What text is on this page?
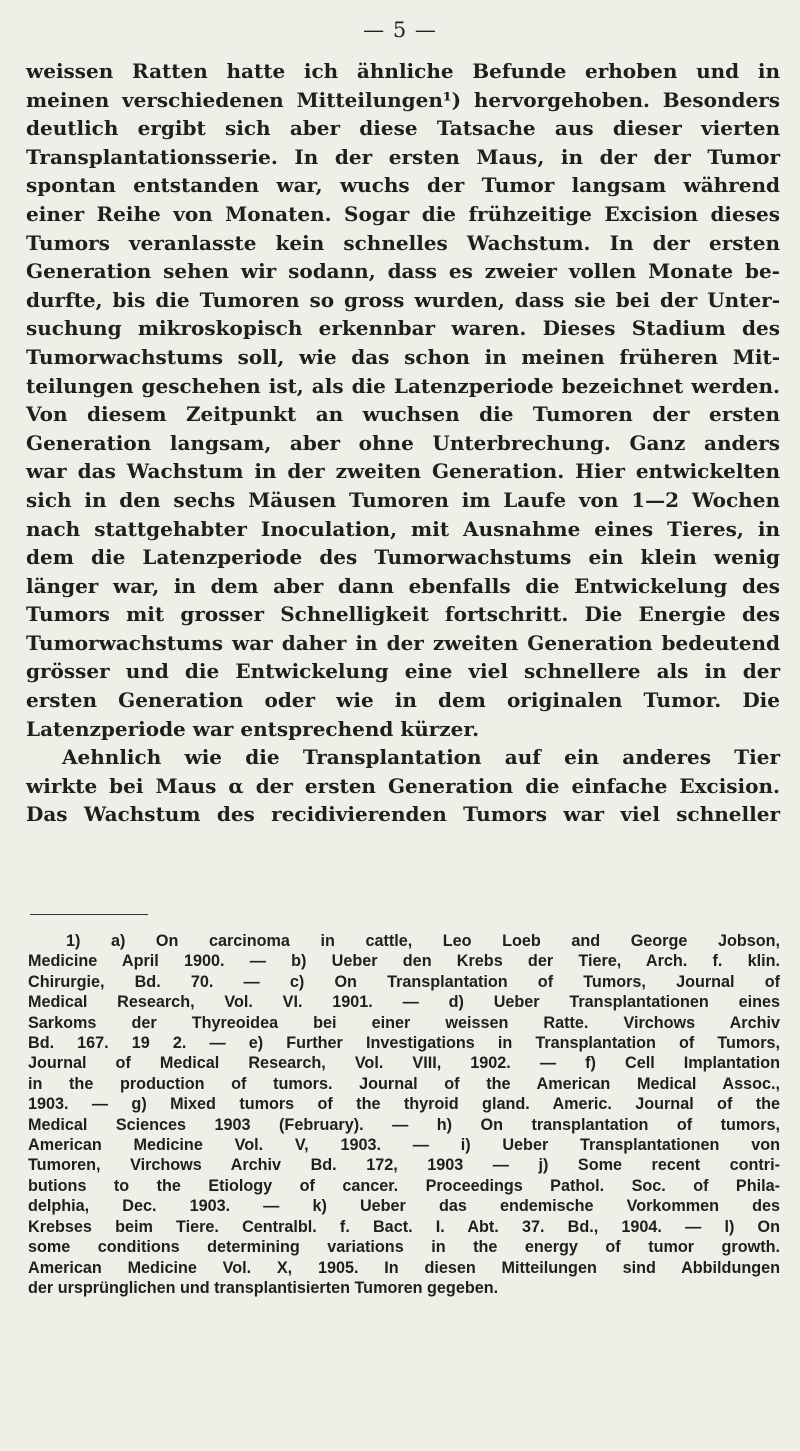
— 5 —
weissen Ratten hatte ich ähnliche Befunde erhoben und in
meinen verschiedenen Mitteilungen¹) hervorgehoben. Besonders
deutlich ergibt sich aber diese Tatsache aus dieser vierten
Transplantationsserie. In der ersten Maus, in der der Tumor
spontan entstanden war, wuchs der Tumor langsam während
einer Reihe von Monaten. Sogar die frühzeitige Excision dieses
Tumors veranlasste kein schnelles Wachstum. In der ersten
Generation sehen wir sodann, dass es zweier vollen Monate be-
durfte, bis die Tumoren so gross wurden, dass sie bei der Unter-
suchung mikroskopisch erkennbar waren. Dieses Stadium des
Tumorwachstums soll, wie das schon in meinen früheren Mit-
teilungen geschehen ist, als die Latenzperiode bezeichnet werden.
Von diesem Zeitpunkt an wuchsen die Tumoren der ersten
Generation langsam, aber ohne Unterbrechung. Ganz anders
war das Wachstum in der zweiten Generation. Hier entwickelten
sich in den sechs Mäusen Tumoren im Laufe von 1—2 Wochen
nach stattgehabter Inoculation, mit Ausnahme eines Tieres, in
dem die Latenzperiode des Tumorwachstums ein klein wenig
länger war, in dem aber dann ebenfalls die Entwickelung des
Tumors mit grosser Schnelligkeit fortschritt. Die Energie des
Tumorwachstums war daher in der zweiten Generation bedeutend
grösser und die Entwickelung eine viel schnellere als in der
ersten Generation oder wie in dem originalen Tumor. Die
Latenzperiode war entsprechend kürzer.
Aehnlich wie die Transplantation auf ein anderes Tier
wirkte bei Maus α der ersten Generation die einfache Excision.
Das Wachstum des recidivierenden Tumors war viel schneller
1) a) On carcinoma in cattle, Leo Loeb and George Jobson,
Medicine April 1900. — b) Ueber den Krebs der Tiere, Arch. f. klin.
Chirurgie, Bd. 70. — c) On Transplantation of Tumors, Journal of
Medical Research, Vol. VI. 1901. — d) Ueber Transplantationen eines
Sarkoms der Thyreoidea bei einer weissen Ratte. Virchows Archiv
Bd. 167. 19 2. — e) Further Investigations in Transplantation of Tumors,
Journal of Medical Research, Vol. VIII, 1902. — f) Cell Implantation
in the production of tumors. Journal of the American Medical Assoc.,
1903. — g) Mixed tumors of the thyroid gland. Americ. Journal of the
Medical Sciences 1903 (February). — h) On transplantation of tumors,
American Medicine Vol. V, 1903. — i) Ueber Transplantationen von
Tumoren, Virchows Archiv Bd. 172, 1903 — j) Some recent contri-
butions to the Etiology of cancer. Proceedings Pathol. Soc. of Phila-
delphia, Dec. 1903. — k) Ueber das endemische Vorkommen des
Krebses beim Tiere. Centralbl. f. Bact. I. Abt. 37. Bd., 1904. — l) On
some conditions determining variations in the energy of tumor growth.
American Medicine Vol. X, 1905. In diesen Mitteilungen sind Abbildungen
der ursprünglichen und transplantisierten Tumoren gegeben.
